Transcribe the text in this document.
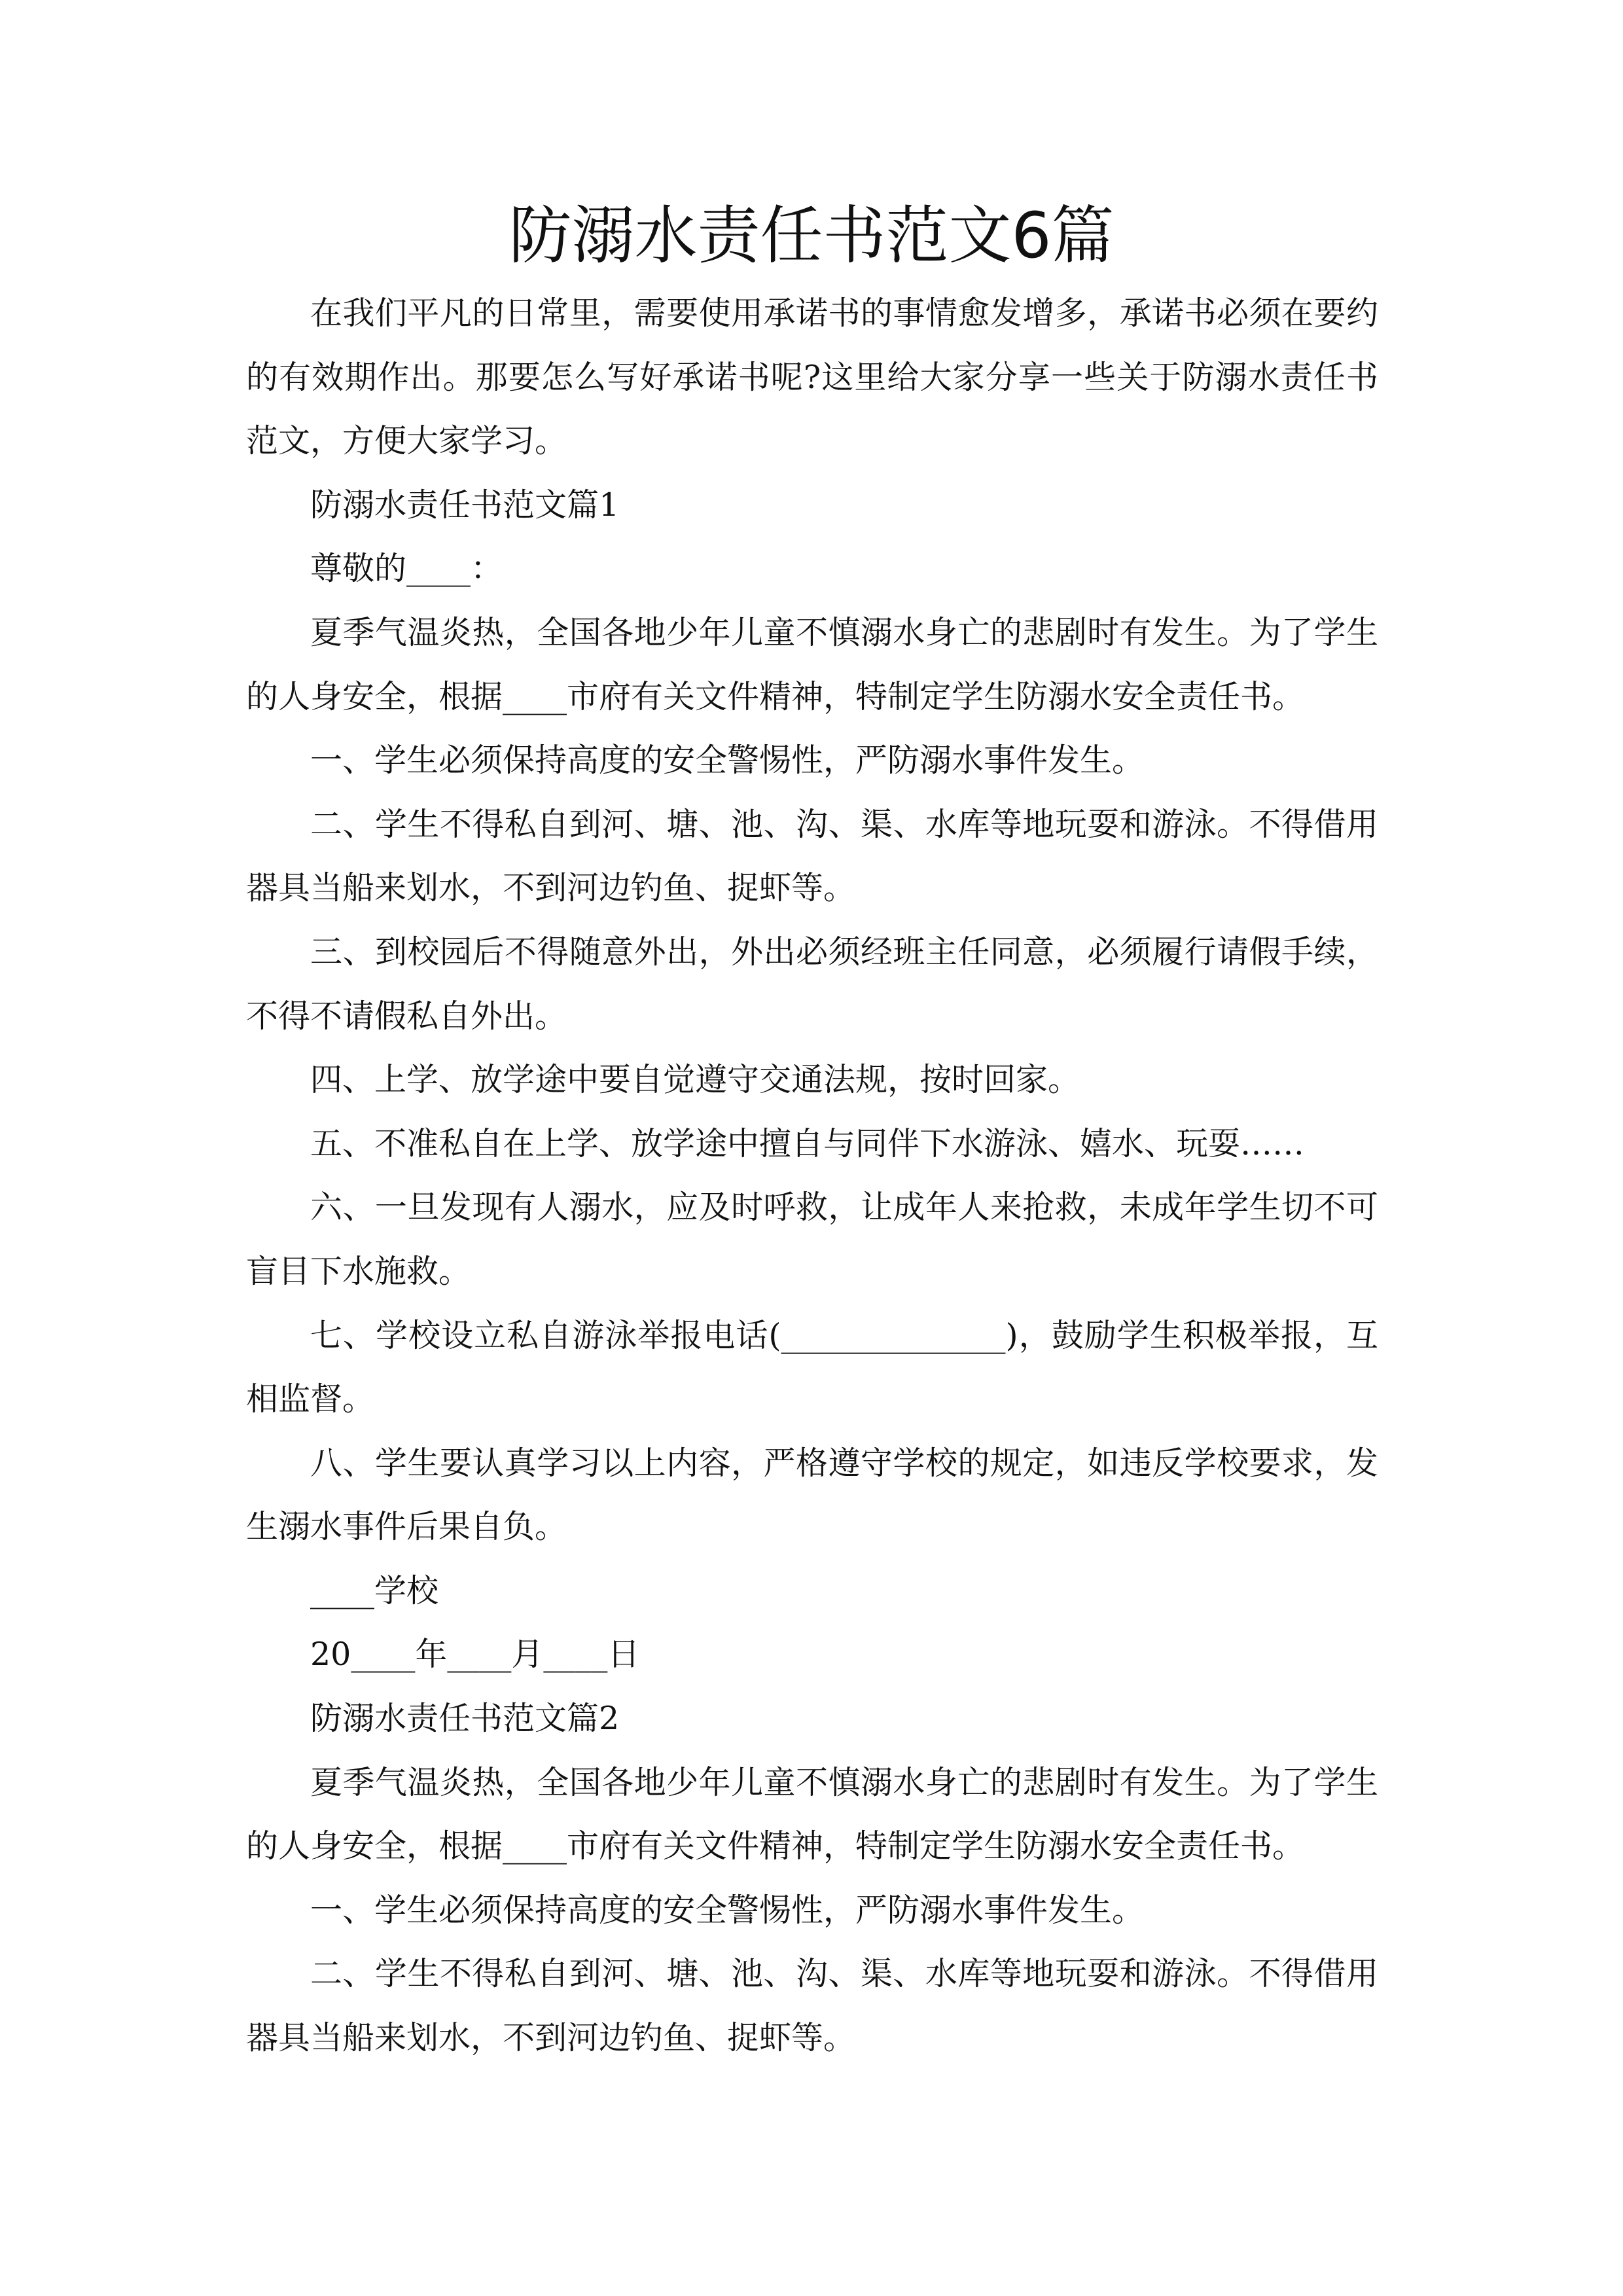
防溺水责任书范文6篇

在我们平凡的日常里，需要使用承诺书的事情愈发增多，承诺书必须在要约的有效期作出。那要怎么写好承诺书呢?这里给大家分享一些关于防溺水责任书范文，方便大家学习。

防溺水责任书范文篇1

尊敬的____：

夏季气温炎热，全国各地少年儿童不慎溺水身亡的悲剧时有发生。为了学生的人身安全，根据____市府有关文件精神，特制定学生防溺水安全责任书。

一、学生必须保持高度的安全警惕性，严防溺水事件发生。

二、学生不得私自到河、塘、池、沟、渠、水库等地玩耍和游泳。不得借用器具当船来划水，不到河边钓鱼、捉虾等。

三、到校园后不得随意外出，外出必须经班主任同意，必须履行请假手续，不得不请假私自外出。

四、上学、放学途中要自觉遵守交通法规，按时回家。

五、不准私自在上学、放学途中擅自与同伴下水游泳、嬉水、玩耍……

六、一旦发现有人溺水，应及时呼救，让成年人来抢救，未成年学生切不可盲目下水施救。

七、学校设立私自游泳举报电话(______________)，鼓励学生积极举报，互相监督。

八、学生要认真学习以上内容，严格遵守学校的规定，如违反学校要求，发生溺水事件后果自负。

____学校

20____年____月____日

防溺水责任书范文篇2

夏季气温炎热，全国各地少年儿童不慎溺水身亡的悲剧时有发生。为了学生的人身安全，根据____市府有关文件精神，特制定学生防溺水安全责任书。

一、学生必须保持高度的安全警惕性，严防溺水事件发生。

二、学生不得私自到河、塘、池、沟、渠、水库等地玩耍和游泳。不得借用器具当船来划水，不到河边钓鱼、捉虾等。
